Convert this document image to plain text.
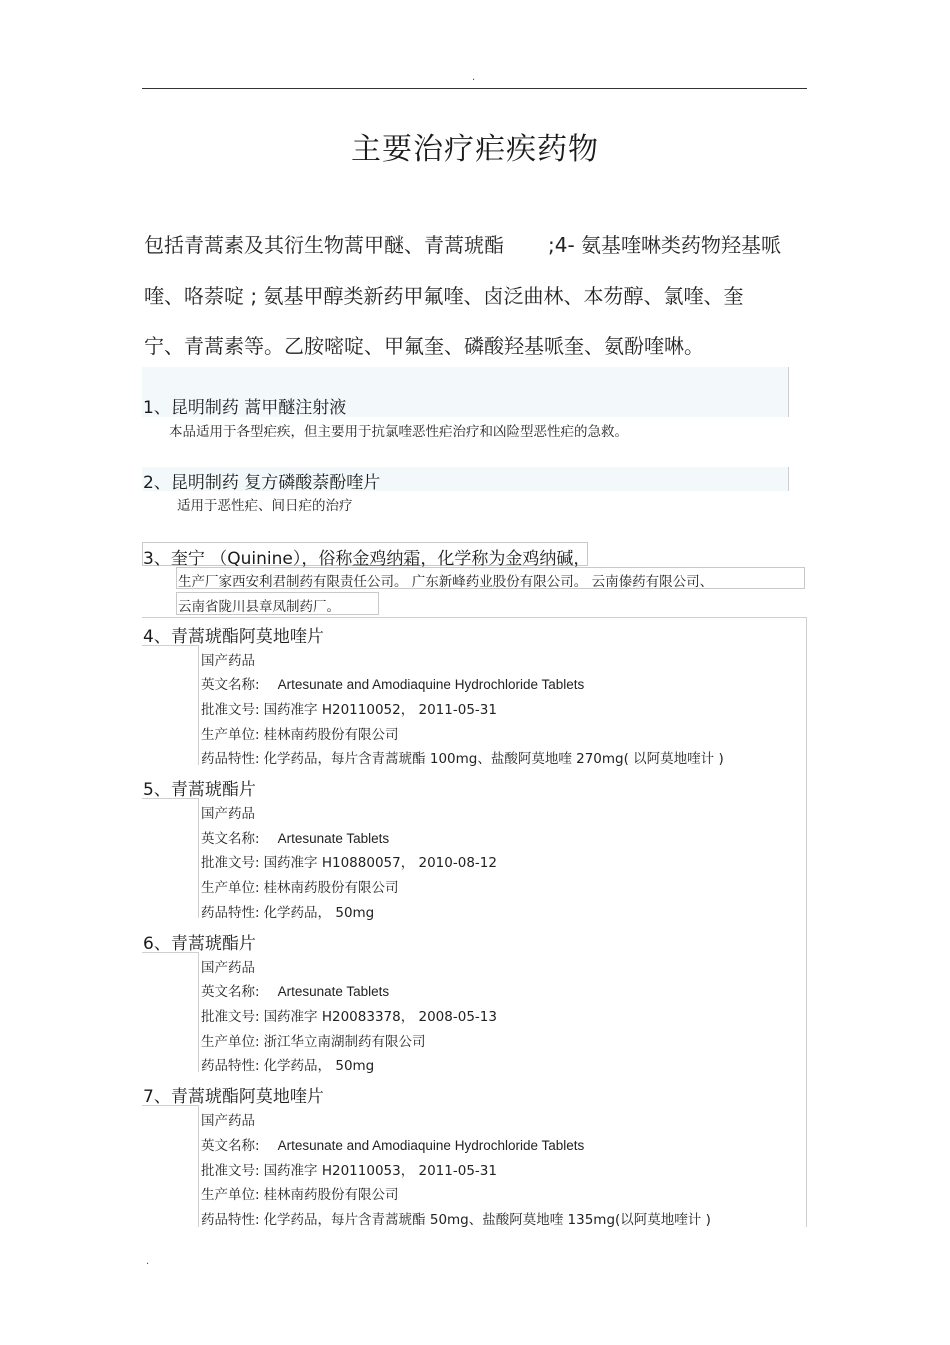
.
主要治疗疟疾药物
包括青蒿素及其衍生物蒿甲醚、青蒿琥酯 ;4- 氨基喹啉类药物羟基哌
喹、咯萘啶 ; 氨基甲醇类新药甲氟喹、卤泛曲林、本芴醇、氯喹、奎
宁、青蒿素等。乙胺嘧啶、甲氟奎、磷酸羟基哌奎、氨酚喹啉。
1、昆明制药 蒿甲醚注射液
本品适用于各型疟疾，但主要用于抗氯喹恶性疟治疗和凶险型恶性疟的急救。
2、昆明制药 复方磷酸萘酚喹片
适用于恶性疟、间日疟的治疗
3、奎宁 （Quinine），俗称金鸡纳霜，化学称为金鸡纳碱，
生产厂家西安利君制药有限责任公司。 广东新峰药业股份有限公司。 云南傣药有限公司、
云南省陇川县章凤制药厂。
4、青蒿琥酯阿莫地喹片
国产药品
英文名称: Artesunate and Amodiaquine Hydrochloride Tablets
批准文号: 国药准字 H20110052， 2011-05-31
生产单位: 桂林南药股份有限公司
药品特性: 化学药品，每片含青蒿琥酯 100mg、盐酸阿莫地喹 270mg( 以阿莫地喹计 )
5、青蒿琥酯片
国产药品
英文名称: Artesunate Tablets
批准文号: 国药准字 H10880057， 2010-08-12
生产单位: 桂林南药股份有限公司
药品特性: 化学药品， 50mg
6、青蒿琥酯片
国产药品
英文名称: Artesunate Tablets
批准文号: 国药准字 H20083378， 2008-05-13
生产单位: 浙江华立南湖制药有限公司
药品特性: 化学药品， 50mg
7、青蒿琥酯阿莫地喹片
国产药品
英文名称: Artesunate and Amodiaquine Hydrochloride Tablets
批准文号: 国药准字 H20110053， 2011-05-31
生产单位: 桂林南药股份有限公司
药品特性: 化学药品，每片含青蒿琥酯 50mg、盐酸阿莫地喹 135mg(以阿莫地喹计 )
.
